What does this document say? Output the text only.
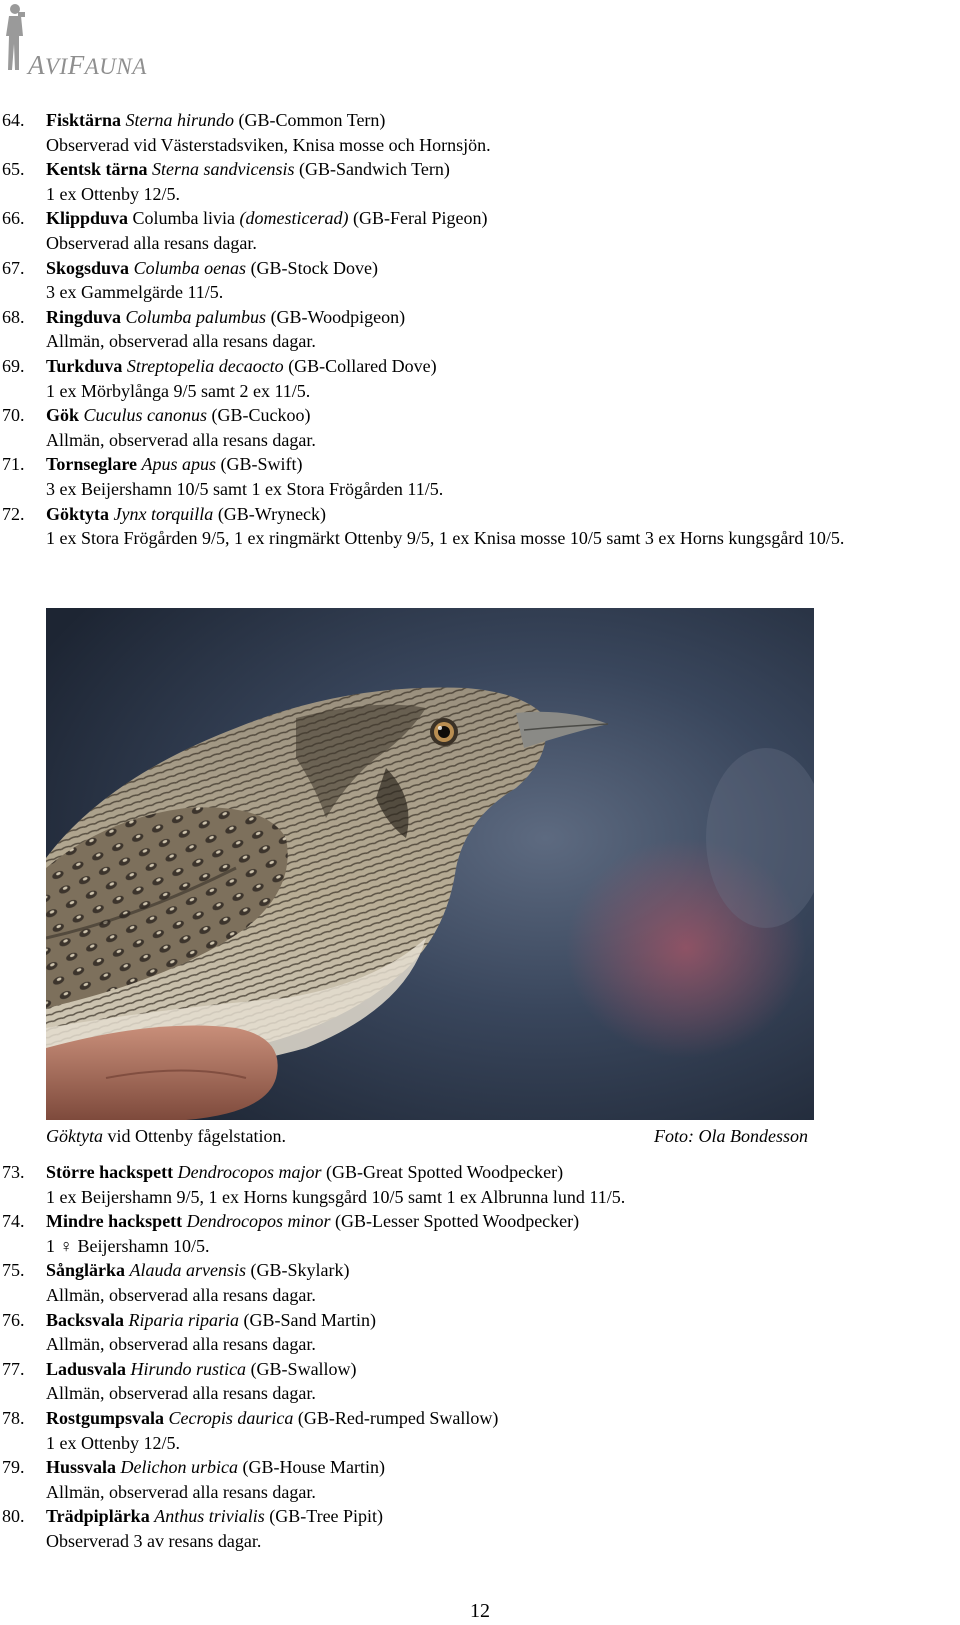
AVIFAUNA
64. Fisktärna Sterna hirundo (GB-Common Tern)
Observerad vid Västerstadsviken, Knisa mosse och Hornsjön.
65. Kentsk tärna Sterna sandvicensis (GB-Sandwich Tern)
1 ex Ottenby 12/5.
66. Klippduva Columba livia (domesticerad) (GB-Feral Pigeon)
Observerad alla resans dagar.
67. Skogsduva Columba oenas (GB-Stock Dove)
3 ex Gammelgärde 11/5.
68. Ringduva Columba palumbus (GB-Woodpigeon)
Allmän, observerad alla resans dagar.
69. Turkduva Streptopelia decaocto (GB-Collared Dove)
1 ex Mörbylånga 9/5 samt 2 ex 11/5.
70. Gök Cuculus canonus (GB-Cuckoo)
Allmän, observerad alla resans dagar.
71. Tornseglare Apus apus (GB-Swift)
3 ex Beijershamn 10/5 samt 1 ex Stora Frögården 11/5.
72. Göktyta Jynx torquilla (GB-Wryneck)
1 ex Stora Frögården 9/5, 1 ex ringmärkt Ottenby 9/5, 1 ex Knisa mosse 10/5 samt 3 ex Horns kungsgård 10/5.
Göktyta vid Ottenby fågelstation.	Foto: Ola Bondesson
73. Större hackspett Dendrocopos major (GB-Great Spotted Woodpecker)
1 ex Beijershamn 9/5, 1 ex Horns kungsgård 10/5 samt 1 ex Albrunna lund 11/5.
74. Mindre hackspett Dendrocopos minor (GB-Lesser Spotted Woodpecker)
1 ♀ Beijershamn 10/5.
75. Sånglärka Alauda arvensis (GB-Skylark)
Allmän, observerad alla resans dagar.
76. Backsvala Riparia riparia (GB-Sand Martin)
Allmän, observerad alla resans dagar.
77. Ladusvala Hirundo rustica (GB-Swallow)
Allmän, observerad alla resans dagar.
78. Rostgumpsvala Cecropis daurica (GB-Red-rumped Swallow)
1 ex Ottenby 12/5.
79. Hussvala Delichon urbica (GB-House Martin)
Allmän, observerad alla resans dagar.
80. Trädpiplärka Anthus trivialis (GB-Tree Pipit)
Observerad 3 av resans dagar.
12
